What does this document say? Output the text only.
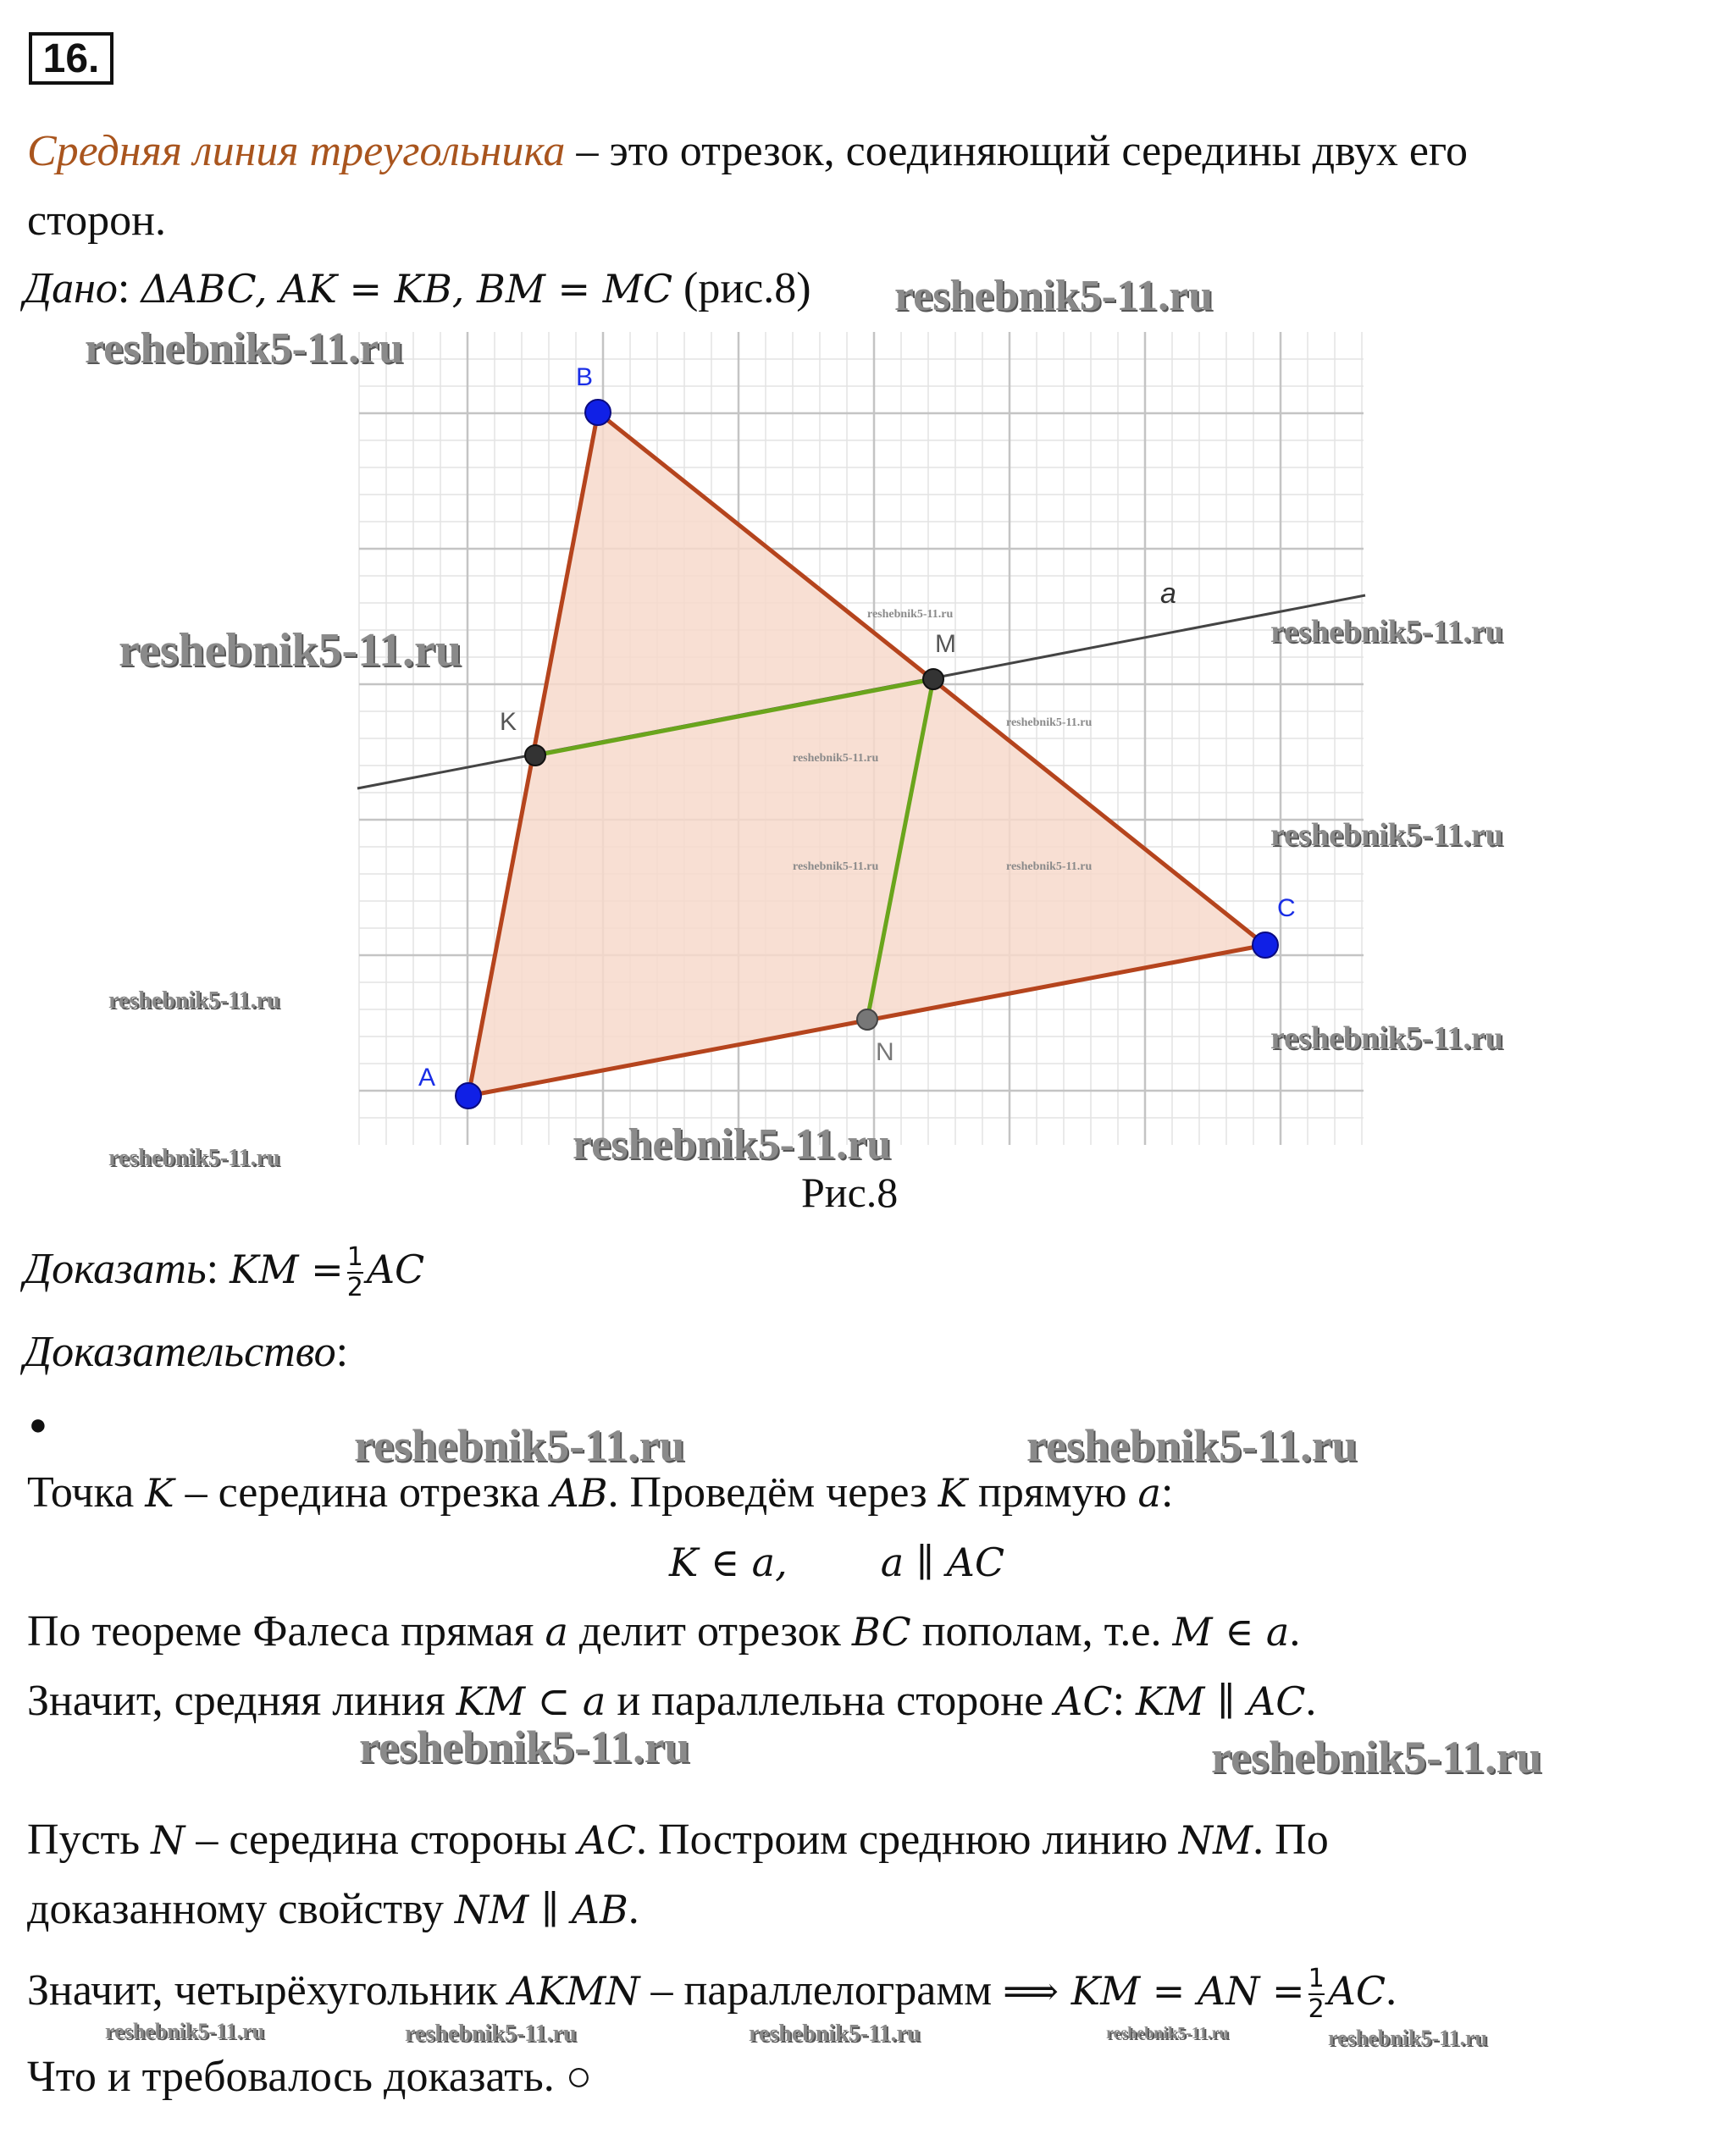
16.
Средняя линия треугольника – это отрезок, соединяющий середины двух его
сторон.
Дано: ΔABC, AK = KB, BM = MC (рис.8)
B
C
A
K
M
N
a
Рис.8
Доказать: KM = $\frac{1}{2}$ AC
Доказательство:
●
Точка K – середина отрезка AB. Проведём через K прямую a:
K ∈ a, a ∥ AC
По теореме Фалеса прямая a делит отрезок BC пополам, т.е. M ∈ a.
Значит, средняя линия KM ⊂ a и параллельна стороне AC: KM ∥ AC.
Пусть N – середина стороны AC. Построим среднюю линию NM. По
доказанному свойству NM ∥ AB.
Значит, четырёхугольник AKMN – параллелограмм ⟹ KM = AN = $\frac{1}{2}$ AC.
Что и требовалось доказать. ○
reshebnik5-11.ru
reshebnik5-11.ru
reshebnik5-11.ru	reshebnik5-11.ru
reshebnik5-11.ru
reshebnik5-11.ru
reshebnik5-11.ru
reshebnik5-11.ru	reshebnik5-11.ru
reshebnik5-11.ru
reshebnik5-11.ru
reshebnik5-11.ru
reshebnik5-11.ru	reshebnik5-11.ru
reshebnik5-11.ru	reshebnik5-11.ru
reshebnik5-11.ru	reshebnik5-11.ru
reshebnik5-11.ru	reshebnik5-11.ru	reshebnik5-11.ru	reshebnik5-11.ru	reshebnik5-11.ru
